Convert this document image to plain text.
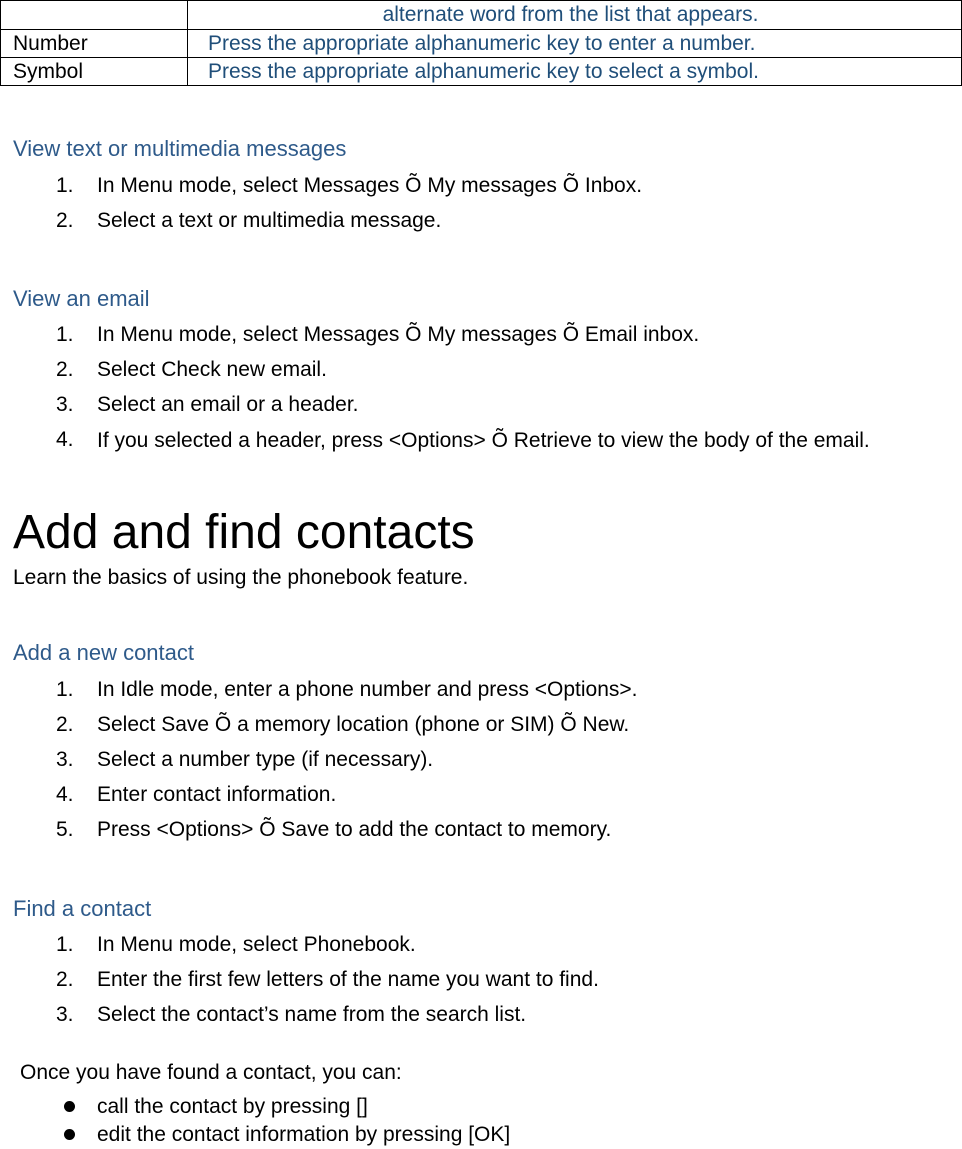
	alternate word from the list that appears.
Number	Press the appropriate alphanumeric key to enter a number.
Symbol	Press the appropriate alphanumeric key to select a symbol.
View text or multimedia messages
1. In Menu mode, select Messages Õ My messages Õ Inbox.
2. Select a text or multimedia message.
View an email
1. In Menu mode, select Messages Õ My messages Õ Email inbox.
2. Select Check new email.
3. Select an email or a header.
4. If you selected a header, press <Options> Õ Retrieve to view the body of the email.
Add and find contacts

Learn the basics of using the phonebook feature.

Add a new contact
1. In Idle mode, enter a phone number and press <Options>.
2. Select Save Õ a memory location (phone or SIM) Õ New.
3. Select a number type (if necessary).
4. Enter contact information.
5. Press <Options> Õ Save to add the contact to memory.
Find a contact
1. In Menu mode, select Phonebook.
2. Enter the first few letters of the name you want to find.
3. Select the contact’s name from the search list.

Once you have found a contact, you can:

call the contact by pressing []
edit the contact information by pressing [OK]
